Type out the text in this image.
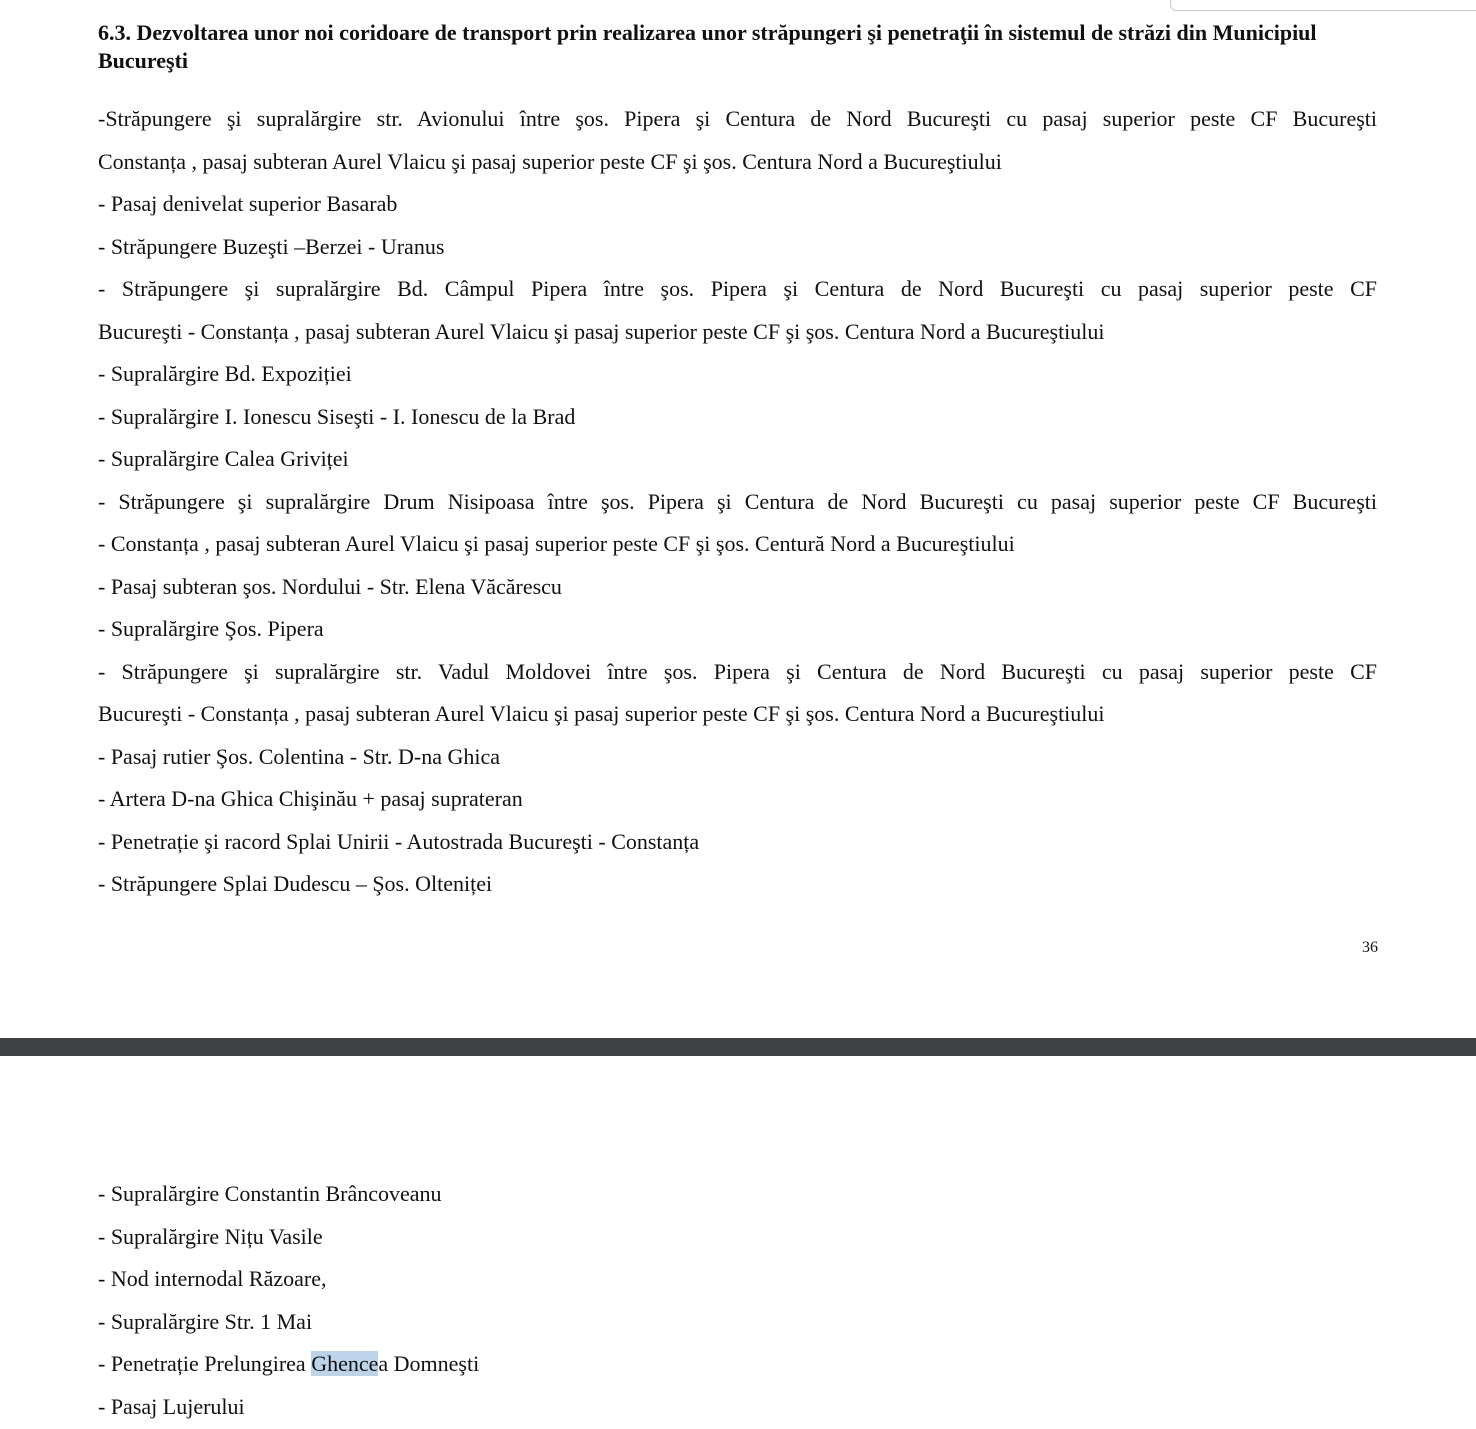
6.3. Dezvoltarea unor noi coridoare de transport prin realizarea unor străpungeri şi penetraţii în sistemul de străzi din Municipiul Bucureşti
-Străpungere şi supralărgire str. Avionului între şos. Pipera şi Centura de Nord Bucureşti cu pasaj superior peste CF Bucureşti
Constanța , pasaj subteran Aurel Vlaicu şi pasaj superior peste CF şi şos. Centura Nord a Bucureştiului
- Pasaj denivelat superior Basarab
- Străpungere Buzeşti –Berzei - Uranus
- Străpungere şi supralărgire Bd. Câmpul Pipera între şos. Pipera şi Centura de Nord Bucureşti cu pasaj superior peste CF
Bucureşti - Constanța , pasaj subteran Aurel Vlaicu şi pasaj superior peste CF şi şos. Centura Nord a Bucureştiului
- Supralărgire Bd. Expoziției
- Supralărgire I. Ionescu Siseşti - I. Ionescu de la Brad
- Supralărgire Calea Griviței
- Străpungere şi supralărgire Drum Nisipoasa între şos. Pipera şi Centura de Nord Bucureşti cu pasaj superior peste CF Bucureşti
- Constanța , pasaj subteran Aurel Vlaicu şi pasaj superior peste CF şi şos. Centură Nord a Bucureştiului
- Pasaj subteran şos. Nordului - Str. Elena Văcărescu
- Supralărgire Şos. Pipera
- Străpungere şi supralărgire str. Vadul Moldovei între şos. Pipera şi Centura de Nord Bucureşti cu pasaj superior peste CF
Bucureşti - Constanța , pasaj subteran Aurel Vlaicu şi pasaj superior peste CF şi şos. Centura Nord a Bucureştiului
- Pasaj rutier Şos. Colentina - Str. D-na Ghica
- Artera D-na Ghica Chişinău + pasaj suprateran
- Penetrație şi racord Splai Unirii - Autostrada Bucureşti - Constanța
- Străpungere Splai Dudescu – Şos. Olteniței
36
- Supralărgire Constantin Brâncoveanu
- Supralărgire Nițu Vasile
- Nod internodal Răzoare,
- Supralărgire Str. 1 Mai
- Penetrație Prelungirea Ghencea Domneşti
- Pasaj Lujerului
